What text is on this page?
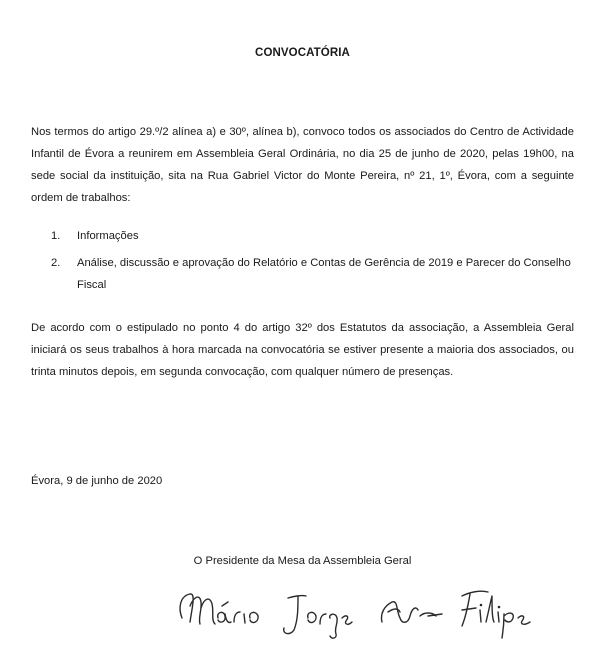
CONVOCATÓRIA

Nos termos do artigo 29.º/2 alínea a) e 30º, alínea b), convoco todos os associados do Centro de Actividade Infantil de Évora a reunirem em Assembleia Geral Ordinária, no dia 25 de junho de 2020, pelas 19h00, na sede social da instituição, sita na Rua Gabriel Victor do Monte Pereira, nº 21, 1º, Évora, com a seguinte ordem de trabalhos:

1. Informações
2. Análise, discussão e aprovação do Relatório e Contas de Gerência de 2019 e Parecer do Conselho Fiscal

De acordo com o estipulado no ponto 4 do artigo 32º dos Estatutos da associação, a Assembleia Geral iniciará os seus trabalhos à hora marcada na convocatória se estiver presente a maioria dos associados, ou trinta minutos depois, em segunda convocação, com qualquer número de presenças.

Évora, 9 de junho de 2020
O Presidente da Mesa da Assembleia Geral
